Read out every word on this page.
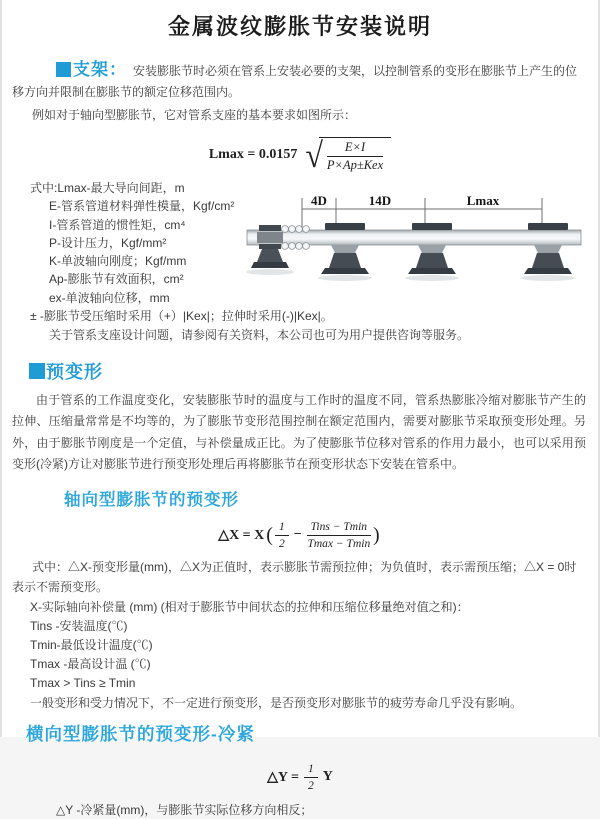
金属波纹膨胀节安装说明

支架： 安装膨胀节时必须在管系上安装必要的支架，以控制管系的变形在膨胀节上产生的位移方向并限制在膨胀节的额定位移范围内。

例如对于轴向型膨胀节，它对管系支座的基本要求如图所示：

Lmax = 0.0157 √ $\frac{E\times I}{\text{P×Ap±Kex}}$
式中:Lmax-最大导向间距，m
E-管系管道材料弹性模量，Kgf/cm²
I-管系管道的惯性矩，cm⁴
P-设计压力，Kgf/mm²
K-单波轴向刚度；Kgf/mm
Ap-膨胀节有效面积，cm²
ex-单波轴向位移，mm
± -膨胀节受压缩时采用（+）|Kex|；拉伸时采用(-)|Kex|。
关于管系支座设计问题，请参阅有关资料，本公司也可为用户提供咨询等服务。
4D	14D	Lmax
预变形

由于管系的工作温度变化，安装膨胀节时的温度与工作时的温度不同，管系热膨胀冷缩对膨胀节产生的拉伸、压缩量常常是不均等的，为了膨胀节变形范围控制在额定范围内，需要对膨胀节采取预变形处理。另外，由于膨胀节刚度是一个定值，与补偿量成正比。为了使膨胀节位移对管系的作用力最小，也可以采用预变形(冷紧)方让对膨胀节进行预变形处理后再将膨胀节在预变形状态下安装在管系中。

轴向型膨胀节的预变形
△X = X ( $\frac{1}{2} - \frac{\text{Tins − Tmin}}{Tmax - Tmin}$ )

式中：△X-预变形量(mm)，△X为正值时，表示膨胀节需预拉伸；为负值时，表示需预压缩；△X = 0时表示不需预变形。

X-实际轴向补偿量 (mm) (相对于膨胀节中间状态的拉伸和压缩位移量绝对值之和)：
Tins -安装温度(℃)
Tmin-最低设计温度(℃)
Tmax -最高设计温 (℃)
Tmax > Tins ≥ Tmin
一般变形和受力情况下，不一定进行预变形，是否预变形对膨胀节的疲劳寿命几乎没有影响。
横向型膨胀节的预变形-冷紧
△Y = $\frac{1}{2}$ Y
△Y -冷紧量(mm)，与膨胀节实际位移方向相反；
